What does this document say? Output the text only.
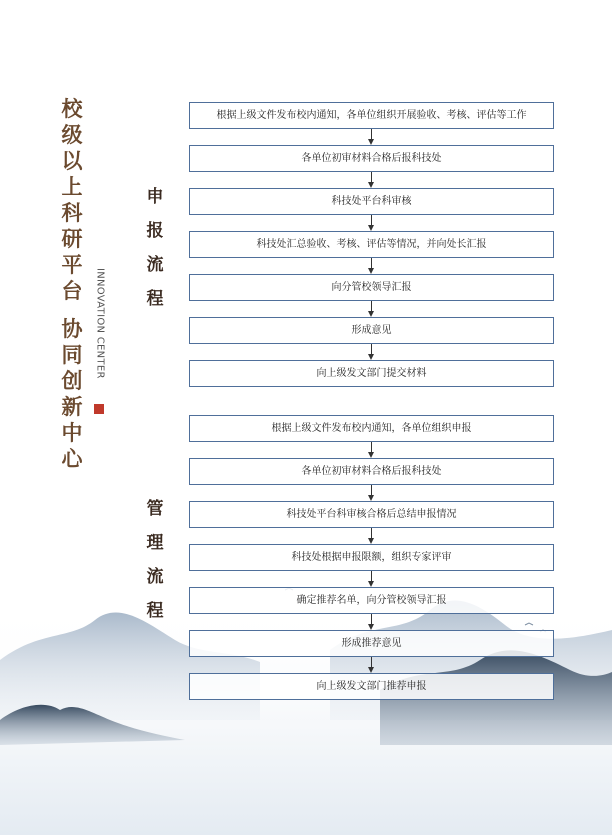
校
级
以
上
科
研
平
台
协
同
创
新
中
心
INNOVATION CENTER
申
报
流
程
管
理
流
程
根据上级文件发布校内通知，各单位组织开展验收、考核、评估等工作
各单位初审材料合格后报科技处
科技处平台科审核
科技处汇总验收、考核、评估等情况，并向处长汇报
向分管校领导汇报
形成意见
向上级发文部门提交材料
根据上级文件发布校内通知，各单位组织申报
各单位初审材料合格后报科技处
科技处平台科审核合格后总结申报情况
科技处根据申报限额，组织专家评审
确定推荐名单，向分管校领导汇报
形成推荐意见
向上级发文部门推荐申报
